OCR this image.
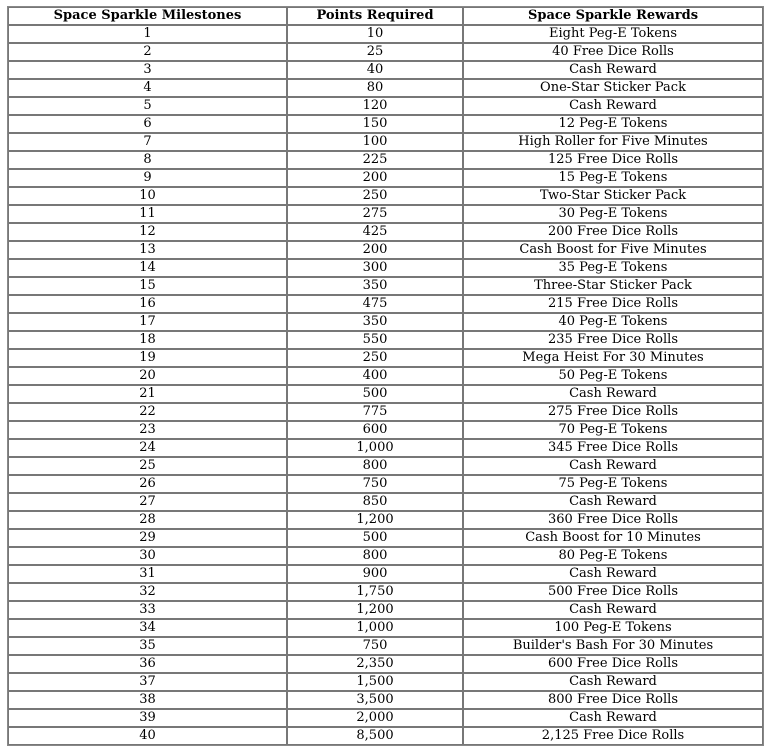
Space Sparkle Milestones	Points Required	Space Sparkle Rewards
1	10	Eight Peg-E Tokens
2	25	40 Free Dice Rolls
3	40	Cash Reward
4	80	One-Star Sticker Pack
5	120	Cash Reward
6	150	12 Peg-E Tokens
7	100	High Roller for Five Minutes
8	225	125 Free Dice Rolls
9	200	15 Peg-E Tokens
10	250	Two-Star Sticker Pack
11	275	30 Peg-E Tokens
12	425	200 Free Dice Rolls
13	200	Cash Boost for Five Minutes
14	300	35 Peg-E Tokens
15	350	Three-Star Sticker Pack
16	475	215 Free Dice Rolls
17	350	40 Peg-E Tokens
18	550	235 Free Dice Rolls
19	250	Mega Heist For 30 Minutes
20	400	50 Peg-E Tokens
21	500	Cash Reward
22	775	275 Free Dice Rolls
23	600	70 Peg-E Tokens
24	1,000	345 Free Dice Rolls
25	800	Cash Reward
26	750	75 Peg-E Tokens
27	850	Cash Reward
28	1,200	360 Free Dice Rolls
29	500	Cash Boost for 10 Minutes
30	800	80 Peg-E Tokens
31	900	Cash Reward
32	1,750	500 Free Dice Rolls
33	1,200	Cash Reward
34	1,000	100 Peg-E Tokens
35	750	Builder's Bash For 30 Minutes
36	2,350	600 Free Dice Rolls
37	1,500	Cash Reward
38	3,500	800 Free Dice Rolls
39	2,000	Cash Reward
40	8,500	2,125 Free Dice Rolls
